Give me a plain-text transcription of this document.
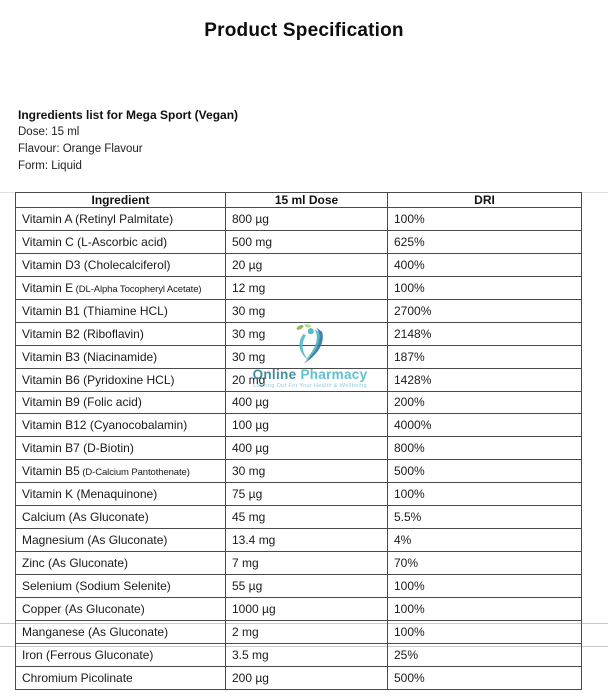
Product Specification
Ingredients list for Mega Sport (Vegan)
Dose: 15 ml
Flavour: Orange Flavour
Form: Liquid
Ingredient	15 ml Dose	DRI
Vitamin A (Retinyl Palmitate)	800 µg	100%
Vitamin C (L-Ascorbic acid)	500 mg	625%
Vitamin D3 (Cholecalciferol)	20 µg	400%
Vitamin E (DL-Alpha Tocopheryl Acetate)	12 mg	100%
Vitamin B1 (Thiamine HCL)	30 mg	2700%
Vitamin B2 (Riboflavin)	30 mg	2148%
Vitamin B3 (Niacinamide)	30 mg	187%
Vitamin B6 (Pyridoxine HCL)	20 mg	1428%
Vitamin B9 (Folic acid)	400 µg	200%
Vitamin B12 (Cyanocobalamin)	100 µg	4000%
Vitamin B7 (D-Biotin)	400 µg	800%
Vitamin B5 (D-Calcium Pantothenate)	30 mg	500%
Vitamin K (Menaquinone)	75 µg	100%
Calcium (As Gluconate)	45 mg	5.5%
Magnesium (As Gluconate)	13.4 mg	4%
Zinc (As Gluconate)	7 mg	70%
Selenium (Sodium Selenite)	55 µg	100%
Copper (As Gluconate)	1000 µg	100%
Manganese (As Gluconate)	2 mg	100%
Iron (Ferrous Gluconate)	3.5 mg	25%
Chromium Picolinate	200 µg	500%
Online Pharmacy
Looking Out For Your Health & Wellbeing
